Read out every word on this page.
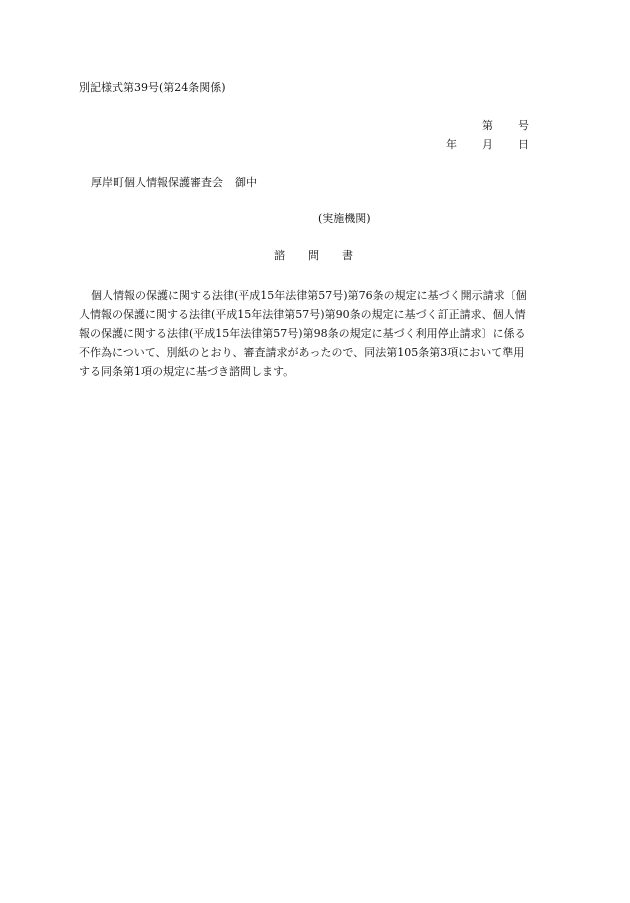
別記様式第39号(第24条関係)
第 号
年 月 日
厚岸町個人情報保護審査会 御中
(実施機関)
諮 問 書
個人情報の保護に関する法律(平成15年法律第57号)第76条の規定に基づく開示請求〔個
人情報の保護に関する法律(平成15年法律第57号)第90条の規定に基づく訂正請求、個人情
報の保護に関する法律(平成15年法律第57号)第98条の規定に基づく利用停止請求〕に係る
不作為について、別紙のとおり、審査請求があったので、同法第105条第3項において準用
する同条第1項の規定に基づき諮問します。
